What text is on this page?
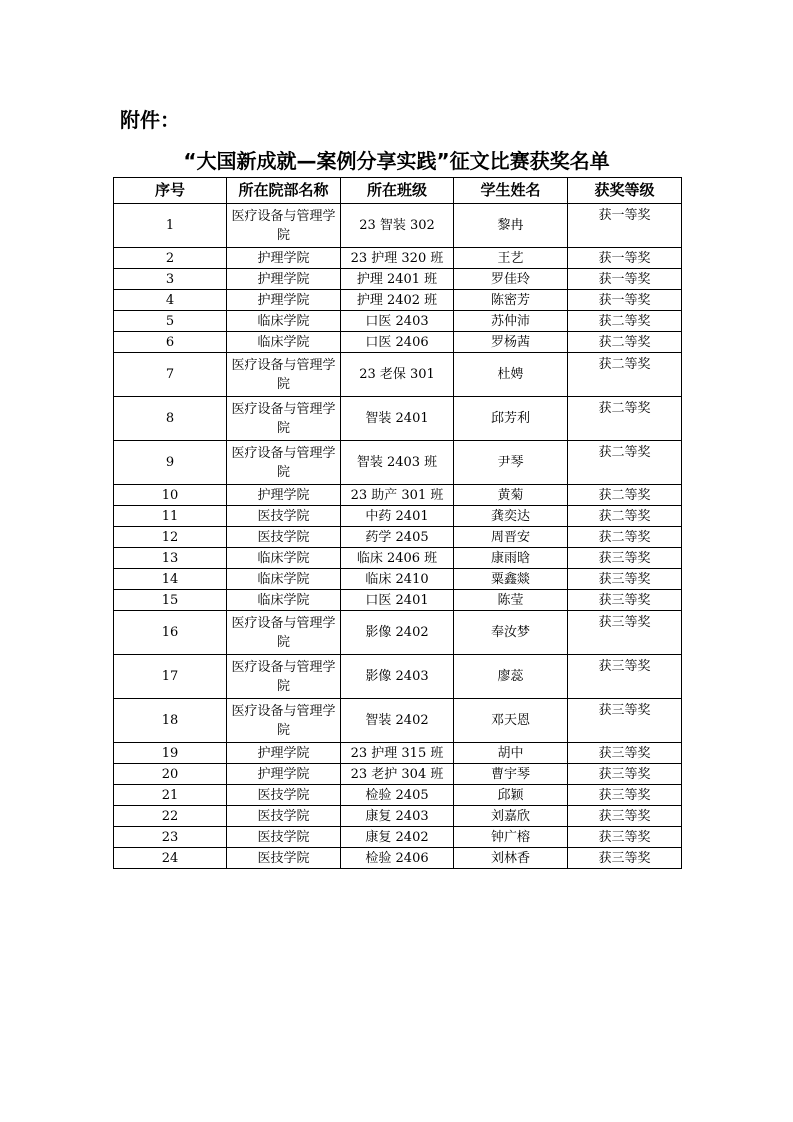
附件：
“大国新成就—案例分享实践”征文比赛获奖名单
序号	所在院部名称	所在班级	学生姓名	获奖等级
1	医疗设备与管理学院	23 智装 302	黎冉	获一等奖
2	护理学院	23 护理 320 班	王艺	获一等奖
3	护理学院	护理 2401 班	罗佳玲	获一等奖
4	护理学院	护理 2402 班	陈密芳	获一等奖
5	临床学院	口医 2403	苏仲沛	获二等奖
6	临床学院	口医 2406	罗杨茜	获二等奖
7	医疗设备与管理学院	23 老保 301	杜娉	获二等奖
8	医疗设备与管理学院	智装 2401	邱芳利	获二等奖
9	医疗设备与管理学院	智装 2403 班	尹琴	获二等奖
10	护理学院	23 助产 301 班	黄菊	获二等奖
11	医技学院	中药 2401	龚奕达	获二等奖
12	医技学院	药学 2405	周晋安	获二等奖
13	临床学院	临床 2406 班	康雨晗	获三等奖
14	临床学院	临床 2410	粟鑫燚	获三等奖
15	临床学院	口医 2401	陈莹	获三等奖
16	医疗设备与管理学院	影像 2402	奉汝梦	获三等奖
17	医疗设备与管理学院	影像 2403	廖蕊	获三等奖
18	医疗设备与管理学院	智装 2402	邓天恩	获三等奖
19	护理学院	23 护理 315 班	胡中	获三等奖
20	护理学院	23 老护 304 班	曹宇琴	获三等奖
21	医技学院	检验 2405	邱颖	获三等奖
22	医技学院	康复 2403	刘嘉欣	获三等奖
23	医技学院	康复 2402	钟广榕	获三等奖
24	医技学院	检验 2406	刘林香	获三等奖
